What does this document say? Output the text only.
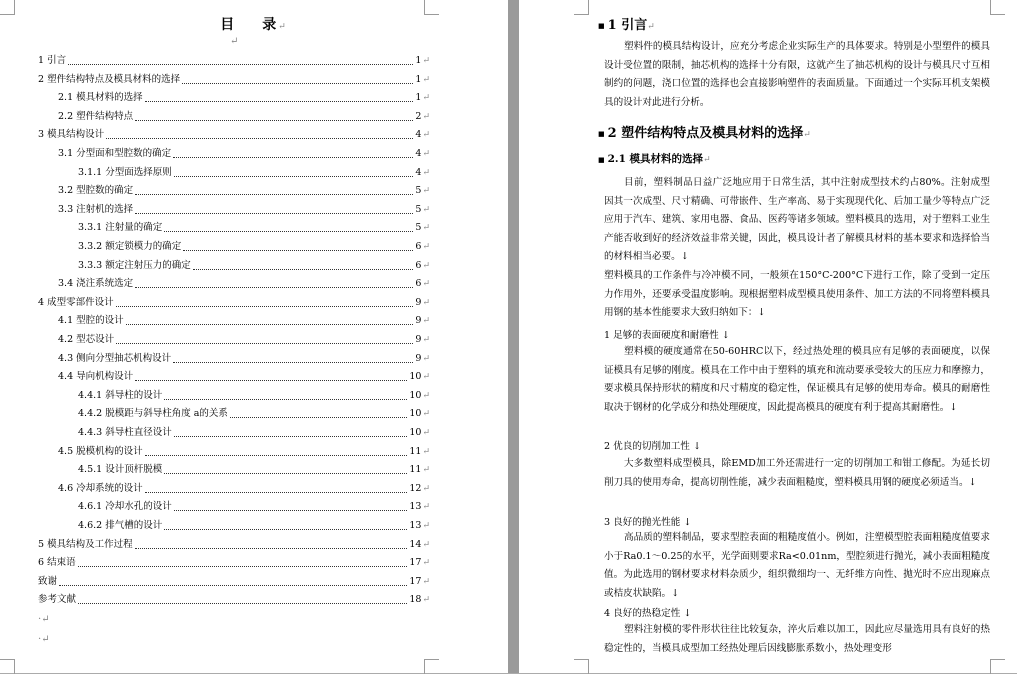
目 录↵
↵
1 引言	1↵
2 塑件结构特点及模具材料的选择	1↵
2.1 模具材料的选择	1↵
2.2 塑件结构特点	2↵
3 模具结构设计	4↵
3.1 分型面和型腔数的确定	4↵
3.1.1 分型面选择原则	4↵
3.2 型腔数的确定	5↵
3.3 注射机的选择	5↵
3.3.1 注射量的确定	5↵
3.3.2 额定锁模力的确定	6↵
3.3.3 额定注射压力的确定	6↵
3.4 浇注系统选定	6↵
4 成型零部件设计	9↵
4.1 型腔的设计	9↵
4.2 型芯设计	9↵
4.3 侧向分型抽芯机构设计	9↵
4.4 导向机构设计	10↵
4.4.1 斜导柱的设计	10↵
4.4.2 脱模距与斜导柱角度 a的关系	10↵
4.4.3 斜导柱直径设计	10↵
4.5 脱模机构的设计	11↵
4.5.1 设计顶杆脱模	11↵
4.6 冷却系统的设计	12↵
4.6.1 冷却水孔的设计	13↵
4.6.2 排气槽的设计	13↵
5 模具结构及工作过程	14↵
6 结束语	17↵
致谢	17↵
参考文献	18↵
·↵
·↵
■ 1 引言↵
塑料件的模具结构设计，应充分考虑企业实际生产的具体要求。特别是小型塑件的模具设计受位置的限制，抽芯机构的选择十分有限，这就产生了抽芯机构的设计与模具尺寸互相制约的问题，浇口位置的选择也会直接影响塑件的表面质量。下面通过一个实际耳机支架模具的设计对此进行分析。
■ 2 塑件结构特点及模具材料的选择↵
■ 2.1 模具材料的选择↵
目前，塑料制品日益广泛地应用于日常生活，其中注射成型技术约占80%。注射成型因其一次成型、尺寸精确、可带嵌件、生产率高、易于实现现代化、后加工量少等特点广泛应用于汽车、建筑、家用电器、食品、医药等诸多领域。塑料模具的选用，对于塑料工业生产能否收到好的经济效益非常关键，因此，模具设计者了解模具材料的基本要求和选择恰当的材料相当必要。↓
塑料模具的工作条件与冷冲模不同，一般须在150°C-200°C下进行工作，除了受到一定压力作用外，还要承受温度影响。现根据塑料成型模具使用条件、加工方法的不同将塑料模具用钢的基本性能要求大致归纳如下：↓
1 足够的表面硬度和耐磨性 ↓
塑料模的硬度通常在50-60HRC以下，经过热处理的模具应有足够的表面硬度，以保证模具有足够的刚度。模具在工作中由于塑料的填充和流动要承受较大的压应力和摩擦力，要求模具保持形状的精度和尺寸精度的稳定性，保证模具有足够的使用寿命。模具的耐磨性取决于钢材的化学成分和热处理硬度，因此提高模具的硬度有利于提高其耐磨性。↓
2 优良的切削加工性 ↓
大多数塑料成型模具，除EMD加工外还需进行一定的切削加工和钳工修配。为延长切削刀具的使用寿命，提高切削性能，减少表面粗糙度，塑料模具用钢的硬度必须适当。↓
3 良好的抛光性能 ↓
高品质的塑料制品，要求型腔表面的粗糙度值小。例如，注塑模型腔表面粗糙度值要求小于Ra0.1～0.25的水平，光学面则要求Ra<0.01nm，型腔须进行抛光，减小表面粗糙度值。为此选用的钢材要求材料杂质少，组织微细均一、无纤维方向性、抛光时不应出现麻点或桔皮状缺陷。↓
4 良好的热稳定性 ↓
塑料注射模的零件形状往往比较复杂，淬火后难以加工，因此应尽量选用具有良好的热稳定性的，当模具成型加工经热处理后因线膨胀系数小，热处理变形
